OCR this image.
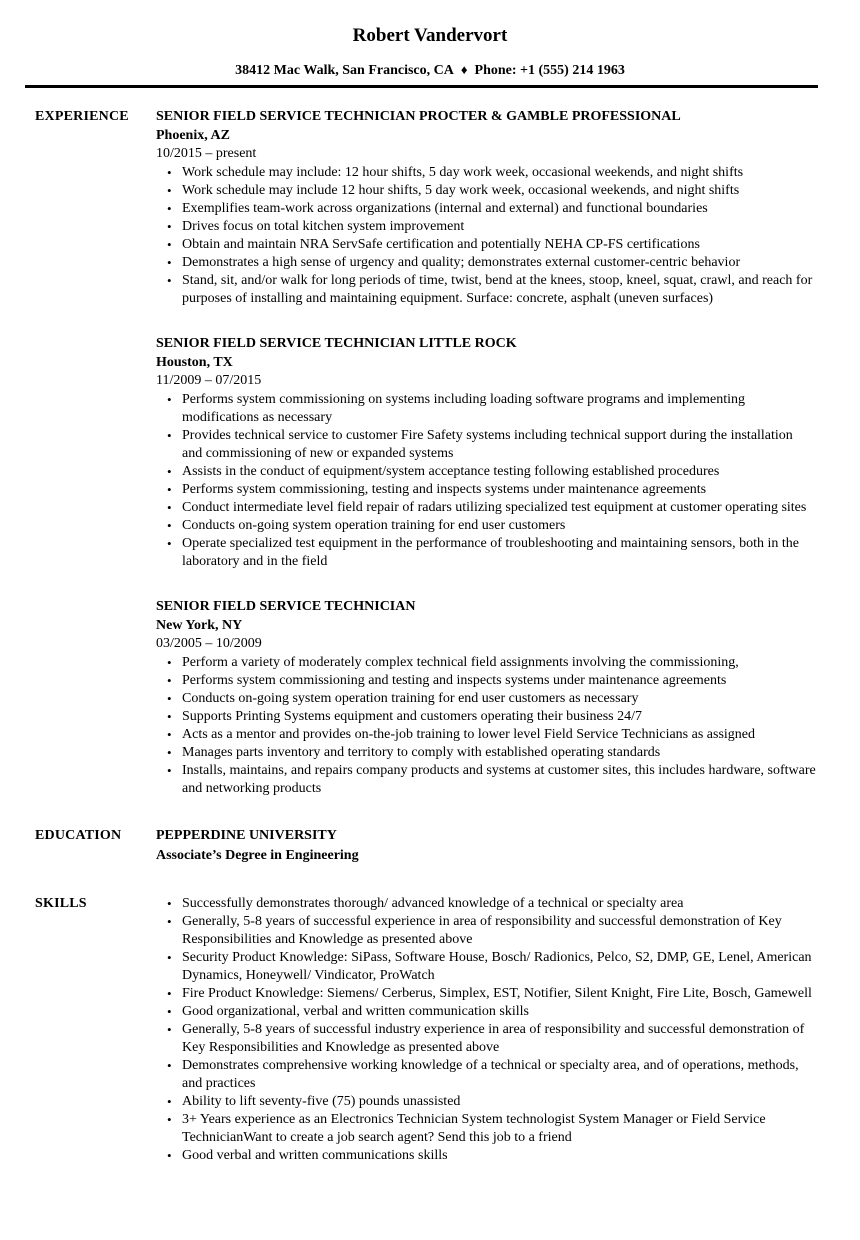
Robert Vandervort
38412 Mac Walk, San Francisco, CA ♦ Phone: +1 (555) 214 1963
EXPERIENCE	SENIOR FIELD SERVICE TECHNICIAN PROCTER & GAMBLE PROFESSIONAL
Phoenix, AZ
10/2015 – present
• Work schedule may include: 12 hour shifts, 5 day work week, occasional weekends, and night shifts
• Work schedule may include 12 hour shifts, 5 day work week, occasional weekends, and night shifts
• Exemplifies team-work across organizations (internal and external) and functional boundaries
• Drives focus on total kitchen system improvement
• Obtain and maintain NRA ServSafe certification and potentially NEHA CP-FS certifications
• Demonstrates a high sense of urgency and quality; demonstrates external customer-centric behavior
• Stand, sit, and/or walk for long periods of time, twist, bend at the knees, stoop, kneel, squat, crawl, and reach for purposes of installing and maintaining equipment. Surface: concrete, asphalt (uneven surfaces)
SENIOR FIELD SERVICE TECHNICIAN LITTLE ROCK
Houston, TX
11/2009 – 07/2015
• Performs system commissioning on systems including loading software programs and implementing modifications as necessary
• Provides technical service to customer Fire Safety systems including technical support during the installation and commissioning of new or expanded systems
• Assists in the conduct of equipment/system acceptance testing following established procedures
• Performs system commissioning, testing and inspects systems under maintenance agreements
• Conduct intermediate level field repair of radars utilizing specialized test equipment at customer operating sites
• Conducts on-going system operation training for end user customers
• Operate specialized test equipment in the performance of troubleshooting and maintaining sensors, both in the laboratory and in the field
SENIOR FIELD SERVICE TECHNICIAN
New York, NY
03/2005 – 10/2009
• Perform a variety of moderately complex technical field assignments involving the commissioning,
• Performs system commissioning and testing and inspects systems under maintenance agreements
• Conducts on-going system operation training for end user customers as necessary
• Supports Printing Systems equipment and customers operating their business 24/7
• Acts as a mentor and provides on-the-job training to lower level Field Service Technicians as assigned
• Manages parts inventory and territory to comply with established operating standards
• Installs, maintains, and repairs company products and systems at customer sites, this includes hardware, software and networking products
EDUCATION	PEPPERDINE UNIVERSITY
Associate’s Degree in Engineering
SKILLS	• Successfully demonstrates thorough/ advanced knowledge of a technical or specialty area
• Generally, 5-8 years of successful experience in area of responsibility and successful demonstration of Key Responsibilities and Knowledge as presented above
• Security Product Knowledge: SiPass, Software House, Bosch/ Radionics, Pelco, S2, DMP, GE, Lenel, American Dynamics, Honeywell/ Vindicator, ProWatch
• Fire Product Knowledge: Siemens/ Cerberus, Simplex, EST, Notifier, Silent Knight, Fire Lite, Bosch, Gamewell
• Good organizational, verbal and written communication skills
• Generally, 5-8 years of successful industry experience in area of responsibility and successful demonstration of Key Responsibilities and Knowledge as presented above
• Demonstrates comprehensive working knowledge of a technical or specialty area, and of operations, methods, and practices
• Ability to lift seventy-five (75) pounds unassisted
• 3+ Years experience as an Electronics Technician System technologist System Manager or Field Service TechnicianWant to create a job search agent? Send this job to a friend
• Good verbal and written communications skills
